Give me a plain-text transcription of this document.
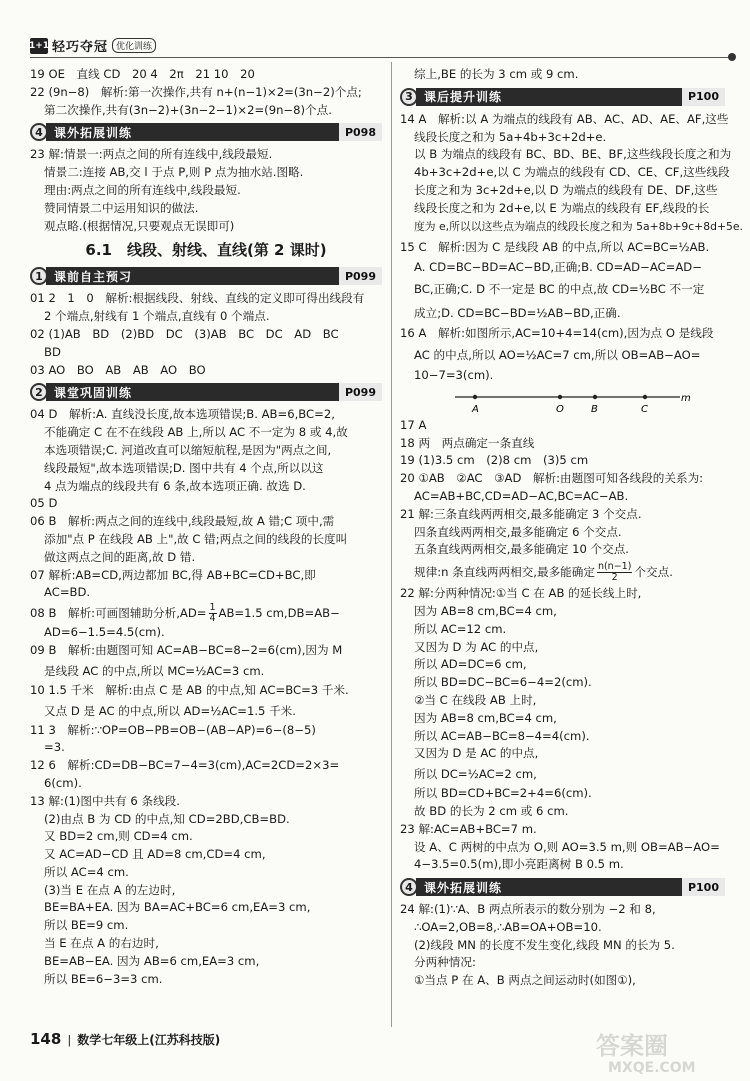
1+1 轻巧夺冠 优化训练
19 OE　直线 CD　20 4　2π　21 10　20
22 (9n−8)　解析:第一次操作,共有 n+(n−1)×2=(3n−2)个点;
第二次操作,共有(3n−2)+(3n−2−1)×2=(9n−8)个点.
4 课外拓展训练	P098
23 解:情景一:两点之间的所有连线中,线段最短.
情景二:连接 AB,交 l 于点 P,则 P 点为抽水站.图略.
理由:两点之间的所有连线中,线段最短.
赞同情景二中运用知识的做法.
观点略.(根据情况,只要观点无误即可)
6.1　线段、射线、直线(第 2 课时)
1 课前自主预习	P099
01 2　1　0　解析:根据线段、射线、直线的定义即可得出线段有
2 个端点,射线有 1 个端点,直线有 0 个端点.
02 (1)AB　BD　(2)BD　DC　(3)AB　BC　DC　AD　BC
BD
03 AO　BO　AB　AB　AO　BO
2 课堂巩固训练	P099
04 D　解析:A. 直线没长度,故本选项错误;B. AB=6,BC=2,
不能确定 C 在不在线段 AB 上,所以 AC 不一定为 8 或 4,故
本选项错误;C. 河道改直可以缩短航程,是因为"两点之间,
线段最短",故本选项错误;D. 图中共有 4 个点,所以以这
4 点为端点的线段共有 6 条,故本选项正确. 故选 D.
05 D
06 B　解析:两点之间的连线中,线段最短,故 A 错;C 项中,需
添加"点 P 在线段 AB 上",故 C 错;两点之间的线段的长度叫
做这两点之间的距离,故 D 错.
07 解析:AB=CD,两边都加 BC,得 AB+BC=CD+BC,即
AC=BD.
08 B　解析:可画图辅助分析$,AD= \frac{1}{4} AB=1.5$ cm,DB=AB−
AD=6−1.5=4.5(cm).
09 B　解析:由题图可知 AC=AB−BC=8−2=6(cm),因为 M
是线段 AC 的中点,所以 MC=½AC=3 cm.
10 1.5 千米　解析:由点 C 是 AB 的中点,知 AC=BC=3 千米.
又点 D 是 AC 的中点,所以 AD=½AC=1.5 千米.
11 3　解析:∵OP=OB−PB=OB−(AB−AP)=6−(8−5)
=3.
12 6　解析:CD=DB−BC=7−4=3(cm),AC=2CD=2×3=
6(cm).
13 解:(1)图中共有 6 条线段.
(2)由点 B 为 CD 的中点,知 CD=2BD,CB=BD.
又 BD=2 cm,则 CD=4 cm.
又 AC=AD−CD 且 AD=8 cm,CD=4 cm,
所以 AC=4 cm.
(3)当 E 在点 A 的左边时,
BE=BA+EA. 因为 BA=AC+BC=6 cm,EA=3 cm,
所以 BE=9 cm.
当 E 在点 A 的右边时,
BE=AB−EA. 因为 AB=6 cm,EA=3 cm,
所以 BE=6−3=3 cm.
综上,BE 的长为 3 cm 或 9 cm.
3 课后提升训练	P100
14 A　解析:以 A 为端点的线段有 AB、AC、AD、AE、AF,这些
线段长度之和为 5a+4b+3c+2d+e.
以 B 为端点的线段有 BC、BD、BE、BF,这些线段长度之和为
4b+3c+2d+e,以 C 为端点的线段有 CD、CE、CF,这些线段
长度之和为 3c+2d+e,以 D 为端点的线段有 DE、DF,这些
线段长度之和为 2d+e,以 E 为端点的线段有 EF,线段的长
度为 e,所以以这些点为端点的线段长度之和为 5a+8b+9c+8d+5e.
15 C　解析:因为 C 是线段 AB 的中点,所以 AC=BC=½AB.
A. CD=BC−BD=AC−BD,正确;B. CD=AD−AC=AD−
BC,正确;C. D 不一定是 BC 的中点,故 CD=½BC 不一定
成立;D. CD=BC−BD=½AB−BD,正确.
16 A　解析:如图所示,AC=10+4=14(cm),因为点 O 是线段
AC 的中点,所以 AO=½AC=7 cm,所以 OB=AB−AO=
10−7=3(cm).
A	O	B	C
m
17 A
18 两　两点确定一条直线
19 (1)3.5 cm　(2)8 cm　(3)5 cm
20 ①AB　②AC　③AD　解析:由题图可知各线段的关系为:
AC=AB+BC,CD=AD−AC,BC=AC−AB.
21 解:三条直线两两相交,最多能确定 3 个交点.
四条直线两两相交,最多能确定 6 个交点.
五条直线两两相交,最多能确定 10 个交点.
规律:n 条直线两两相交,最多能确定 $\frac{n(n-1)}{2}$ 个交点.
22 解:分两种情况:①当 C 在 AB 的延长线上时,
因为 AB=8 cm,BC=4 cm,
所以 AC=12 cm.
又因为 D 为 AC 的中点,
所以 AD=DC=6 cm,
所以 BD=DC−BC=6−4=2(cm).
②当 C 在线段 AB 上时,
因为 AB=8 cm,BC=4 cm,
所以 AC=AB−BC=8−4=4(cm).
又因为 D 是 AC 的中点,
所以 DC=½AC=2 cm,
所以 BD=CD+BC=2+4=6(cm).
故 BD 的长为 2 cm 或 6 cm.
23 解:AC=AB+BC=7 m.
设 A、C 两树的中点为 O,则 AO=3.5 m,则 OB=AB−AO=
4−3.5=0.5(m),即小亮距离树 B 0.5 m.
4 课外拓展训练	P100
24 解:(1)∵A、B 两点所表示的数分别为 −2 和 8,
∴OA=2,OB=8,∴AB=OA+OB=10.
(2)线段 MN 的长度不发生变化,线段 MN 的长为 5.
分两种情况:
①当点 P 在 A、B 两点之间运动时(如图①),
148 | 数学七年级上(江苏科技版)	答案圈
MXQE.COM
